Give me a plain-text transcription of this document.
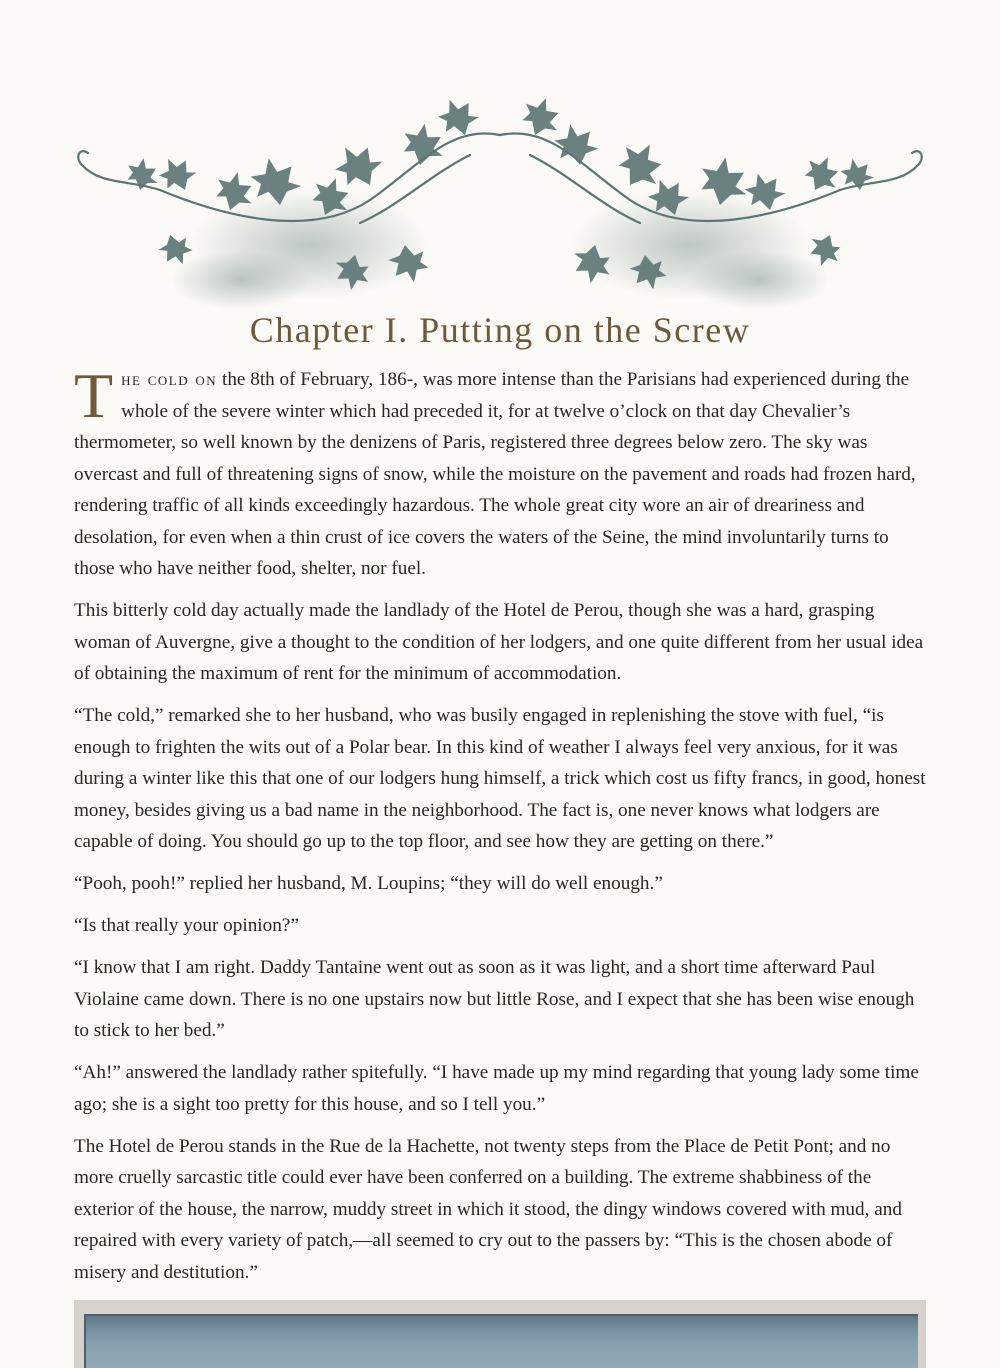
Chapter I. Putting on the Screw

The cold on the 8th of February, 186-, was more intense than the Parisians had experienced during the whole of the severe winter which had preceded it, for at twelve o’clock on that day Chevalier’s thermometer, so well known by the denizens of Paris, registered three degrees below zero. The sky was overcast and full of threatening signs of snow, while the moisture on the pavement and roads had frozen hard, rendering traffic of all kinds exceedingly hazardous. The whole great city wore an air of dreariness and desolation, for even when a thin crust of ice covers the waters of the Seine, the mind involuntarily turns to those who have neither food, shelter, nor fuel.

This bitterly cold day actually made the landlady of the Hotel de Perou, though she was a hard, grasping woman of Auvergne, give a thought to the condition of her lodgers, and one quite different from her usual idea of obtaining the maximum of rent for the minimum of accommodation.

“The cold,” remarked she to her husband, who was busily engaged in replenishing the stove with fuel, “is enough to frighten the wits out of a Polar bear. In this kind of weather I always feel very anxious, for it was during a winter like this that one of our lodgers hung himself, a trick which cost us fifty francs, in good, honest money, besides giving us a bad name in the neighborhood. The fact is, one never knows what lodgers are capable of doing. You should go up to the top floor, and see how they are getting on there.”

“Pooh, pooh!” replied her husband, M. Loupins; “they will do well enough.”

“Is that really your opinion?”

“I know that I am right. Daddy Tantaine went out as soon as it was light, and a short time afterward Paul Violaine came down. There is no one upstairs now but little Rose, and I expect that she has been wise enough to stick to her bed.”

“Ah!” answered the landlady rather spitefully. “I have made up my mind regarding that young lady some time ago; she is a sight too pretty for this house, and so I tell you.”

The Hotel de Perou stands in the Rue de la Hachette, not twenty steps from the Place de Petit Pont; and no more cruelly sarcastic title could ever have been conferred on a building. The extreme shabbiness of the exterior of the house, the narrow, muddy street in which it stood, the dingy windows covered with mud, and repaired with every variety of patch,—all seemed to cry out to the passers by: “This is the chosen abode of misery and destitution.”
